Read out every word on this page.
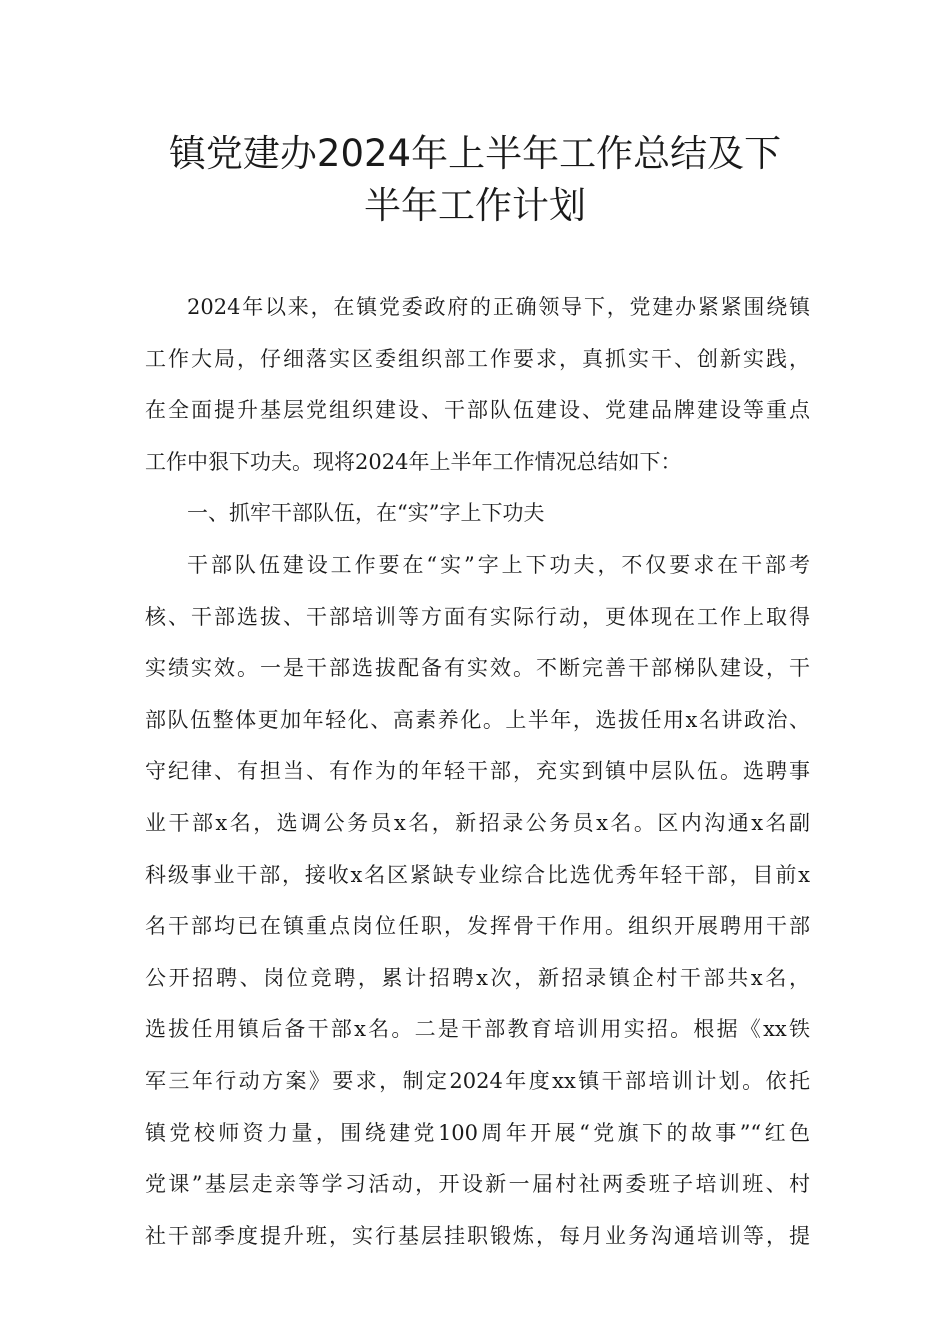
镇党建办2024年上半年工作总结及下
半年工作计划
2024年以来，在镇党委政府的正确领导下，党建办紧紧围绕镇
工作大局，仔细落实区委组织部工作要求，真抓实干、创新实践，
在全面提升基层党组织建设、干部队伍建设、党建品牌建设等重点
工作中狠下功夫。现将2024年上半年工作情况总结如下：
一、抓牢干部队伍，在“实”字上下功夫
干部队伍建设工作要在“实”字上下功夫，不仅要求在干部考
核、干部选拔、干部培训等方面有实际行动，更体现在工作上取得
实绩实效。一是干部选拔配备有实效。不断完善干部梯队建设，干
部队伍整体更加年轻化、高素养化。上半年，选拔任用x名讲政治、
守纪律、有担当、有作为的年轻干部，充实到镇中层队伍。选聘事
业干部x名，选调公务员x名，新招录公务员x名。区内沟通x名副
科级事业干部，接收x名区紧缺专业综合比选优秀年轻干部，目前x
名干部均已在镇重点岗位任职，发挥骨干作用。组织开展聘用干部
公开招聘、岗位竞聘，累计招聘x次，新招录镇企村干部共x名，
选拔任用镇后备干部x名。二是干部教育培训用实招。根据《xx铁
军三年行动方案》要求，制定2024年度xx镇干部培训计划。依托
镇党校师资力量，围绕建党100周年开展“党旗下的故事”“红色
党课”基层走亲等学习活动，开设新一届村社两委班子培训班、村
社干部季度提升班，实行基层挂职锻炼，每月业务沟通培训等，提
